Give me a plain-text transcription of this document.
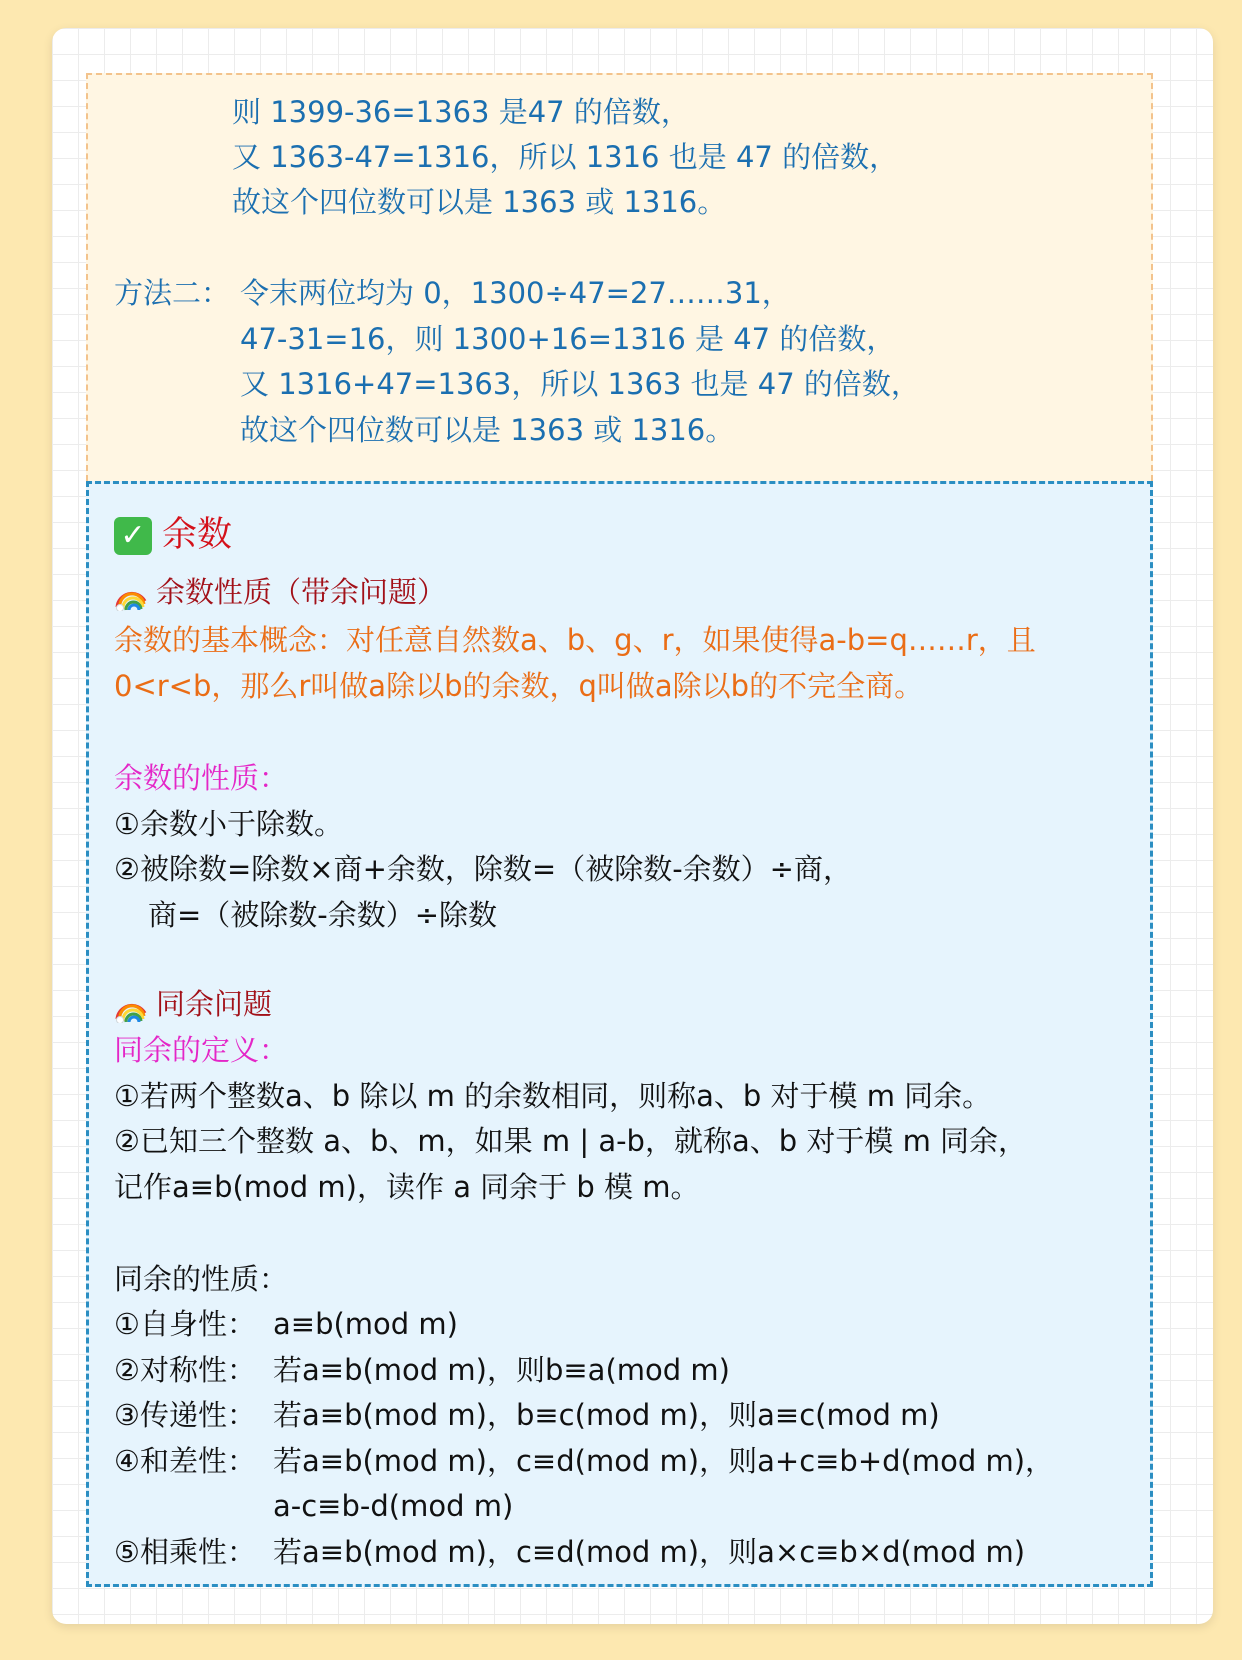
则 1399-36=1363 是47 的倍数，
又 1363-47=1316，所以 1316 也是 47 的倍数，
故这个四位数可以是 1363 或 1316。
方法二： 令末两位均为 0，1300÷47=27……31，
47-31=16，则 1300+16=1316 是 47 的倍数，
又 1316+47=1363，所以 1363 也是 47 的倍数，
故这个四位数可以是 1363 或 1316。
✓ 余数
余数性质（带余问题）
余数的基本概念：对任意自然数a、b、g、r，如果使得a-b=q……r，且
0<r<b，那么r叫做a除以b的余数，q叫做a除以b的不完全商。
余数的性质：
①余数小于除数。
②被除数=除数×商+余数，除数=（被除数-余数）÷商，
商=（被除数-余数）÷除数
同余问题
同余的定义：
①若两个整数a、b 除以 m 的余数相同，则称a、b 对于模 m 同余。
②已知三个整数 a、b、m，如果 m | a-b，就称a、b 对于模 m 同余，
记作a≡b(mod m)，读作 a 同余于 b 模 m。
同余的性质：
①自身性： a≡b(mod m)
②对称性： 若a≡b(mod m)，则b≡a(mod m)
③传递性： 若a≡b(mod m)，b≡c(mod m)，则a≡c(mod m)
④和差性： 若a≡b(mod m)，c≡d(mod m)，则a+c≡b+d(mod m)，
a-c≡b-d(mod m)
⑤相乘性： 若a≡b(mod m)，c≡d(mod m)，则a×c≡b×d(mod m)
